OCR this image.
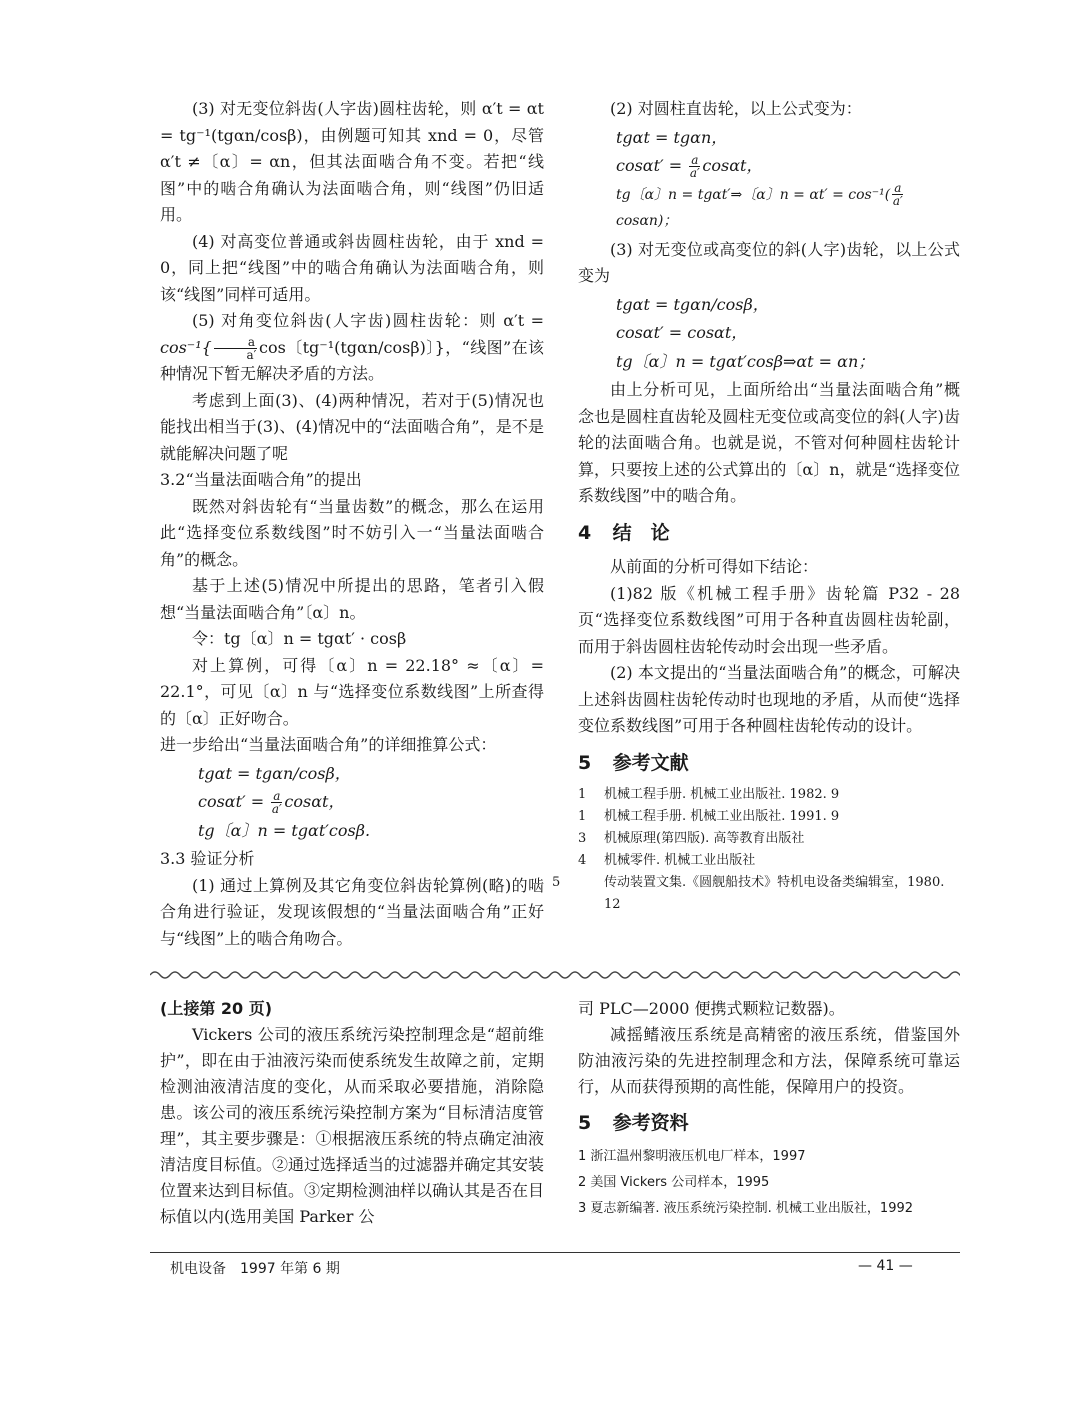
(3) 对无变位斜齿(人字齿)圆柱齿轮，则 α′t = αt = tg⁻¹(tgαn/cosβ)，由例题可知其 xnd = 0，尽管 α′t ≠〔α〕= αn，但其法面啮合角不变。若把“线图”中的啮合角确认为法面啮合角，则“线图”仍旧适用。

(4) 对高变位普通或斜齿圆柱齿轮，由于 xnd = 0，同上把“线图”中的啮合角确认为法面啮合角，则该“线图”同样可适用。

(5) 对角变位斜齿(人字齿)圆柱齿轮：则 $\alpha't = \cos^{-1}\{ \frac{a}{a'}$ cos〔tg⁻¹(tgαn/cosβ)〕}，“线图”在该种情况下暂无解决矛盾的方法。

考虑到上面(3)、(4)两种情况，若对于(5)情况也能找出相当于(3)、(4)情况中的“法面啮合角”，是不是就能解决问题了呢

3.2“当量法面啮合角”的提出

既然对斜齿轮有“当量齿数”的概念，那么在运用此“选择变位系数线图”时不妨引入一“当量法面啮合角”的概念。

基于上述(5)情况中所提出的思路，笔者引入假想“当量法面啮合角”〔α〕n。

令：tg〔α〕n = tgαt′ · cosβ

对上算例，可得〔α〕n = 22.18° ≈〔α〕= 22.1°，可见〔α〕n 与“选择变位系数线图”上所查得的〔α〕正好吻合。

进一步给出“当量法面啮合角”的详细推算公式：

tgαt = tgαn/cosβ，

$\cos\alpha t' = \frac{a}{a'}$ cosαt，

tg〔α〕n = tgαt′cosβ.

3.3 验证分析

(1) 通过上算例及其它角变位斜齿轮算例(略)的啮合角进行验证，发现该假想的“当量法面啮合角”正好与“线图”上的啮合角吻合。

(2) 对圆柱直齿轮，以上公式变为：

tgαt = tgαn，

$\cos\alpha t' = \frac{a}{a'}$ cosαt，

tg〔α〕n = tgαt′⇒〔α〕$n = \alpha t' = \cos^{-1}( \frac{a}{a'}$
cosαn)；

(3) 对无变位或高变位的斜(人字)齿轮，以上公式变为

tgαt = tgαn/cosβ，

cosαt′ = cosαt，

tg〔α〕n = tgαt′cosβ⇒αt = αn；

由上分析可见，上面所给出“当量法面啮合角”概念也是圆柱直齿轮及圆柱无变位或高变位的斜(人字)齿轮的法面啮合角。也就是说，不管对何种圆柱齿轮计算，只要按上述的公式算出的〔α〕n，就是“选择变位系数线图”中的啮合角。

4 结　论

从前面的分析可得如下结论：

(1)82 版《机械工程手册》齿轮篇 P32 - 28 页“选择变位系数线图”可用于各种直齿圆柱齿轮副，而用于斜齿圆柱齿轮传动时会出现一些矛盾。

(2) 本文提出的“当量法面啮合角”的概念，可解决上述斜齿圆柱齿轮传动时也现地的矛盾，从而使“选择变位系数线图”可用于各种圆柱齿轮传动的设计。

5 参考文献

1 机械工程手册. 机械工业出版社. 1982. 9

1 机械工程手册. 机械工业出版社. 1991. 9

3 机械原理(第四版). 高等教育出版社

4 机械零件. 机械工业出版社

5	传动装置文集.《圆舰船技术》特机电设备类编辑室，1980. 12

(上接第 20 页)

Vickers 公司的液压系统污染控制理念是“超前维护”，即在由于油液污染而使系统发生故障之前，定期检测油液清洁度的变化，从而采取必要措施，消除隐患。该公司的液压系统污染控制方案为“目标清洁度管理”，其主要步骤是：①根据液压系统的特点确定油液清洁度目标值。②通过选择适当的过滤器并确定其安装位置来达到目标值。③定期检测油样以确认其是否在目标值以内(选用美国 Parker 公

司 PLC—2000 便携式颗粒记数器)。

减摇鳍液压系统是高精密的液压系统，借鉴国外防油液污染的先进控制理念和方法，保障系统可靠运行，从而获得预期的高性能，保障用户的投资。

5 参考资料

1 浙江温州黎明液压机电厂样本，1997

2 美国 Vickers 公司样本，1995

3 夏志新编著. 液压系统污染控制. 机械工业出版社，1992

机电设备　1997 年第 6 期	— 41 —
